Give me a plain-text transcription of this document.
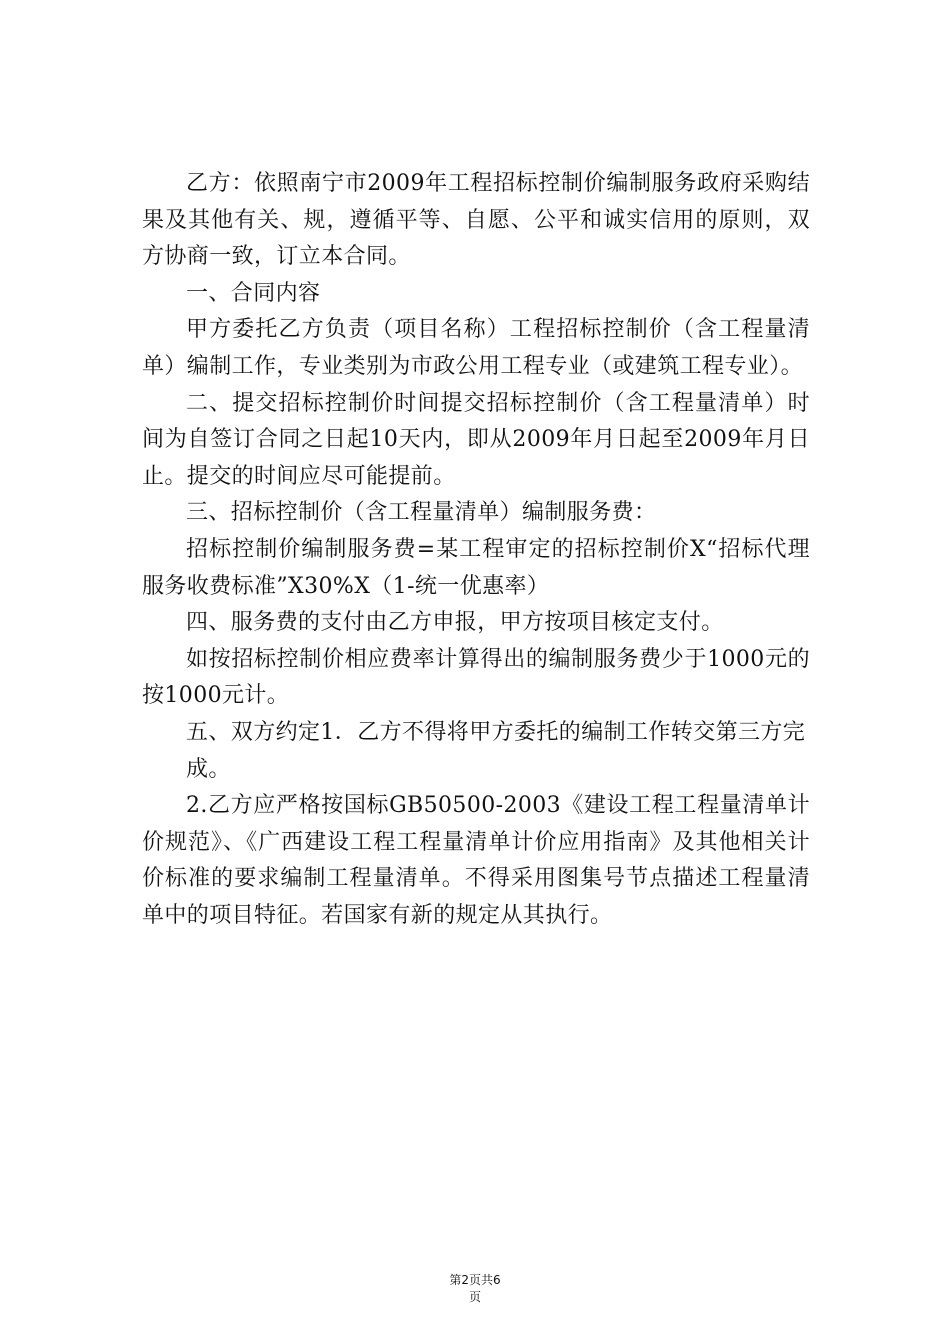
乙方：依照南宁市2009年工程招标控制价编制服务政府采购结果及其他有关、规，遵循平等、自愿、公平和诚实信用的原则，双方协商一致，订立本合同。

一、合同内容

甲方委托乙方负责（项目名称）工程招标控制价（含工程量清单）编制工作，专业类别为市政公用工程专业（或建筑工程专业）。

二、提交招标控制价时间提交招标控制价（含工程量清单）时间为自签订合同之日起10天内，即从2009年月日起至2009年月日止。提交的时间应尽可能提前。

三、招标控制价（含工程量清单）编制服务费：

招标控制价编制服务费=某工程审定的招标控制价X“招标代理服务收费标准”X30%X（1-统一优惠率）

四、服务费的支付由乙方申报，甲方按项目核定支付。

如按招标控制价相应费率计算得出的编制服务费少于1000元的按1000元计。

五、双方约定1．乙方不得将甲方委托的编制工作转交第三方完

成。

2.乙方应严格按国标GB50500-2003《建设工程工程量清单计价规范》、《广西建设工程工程量清单计价应用指南》及其他相关计价标准的要求编制工程量清单。不得采用图集号节点描述工程量清单中的项目特征。若国家有新的规定从其执行。

第2页共6
页
